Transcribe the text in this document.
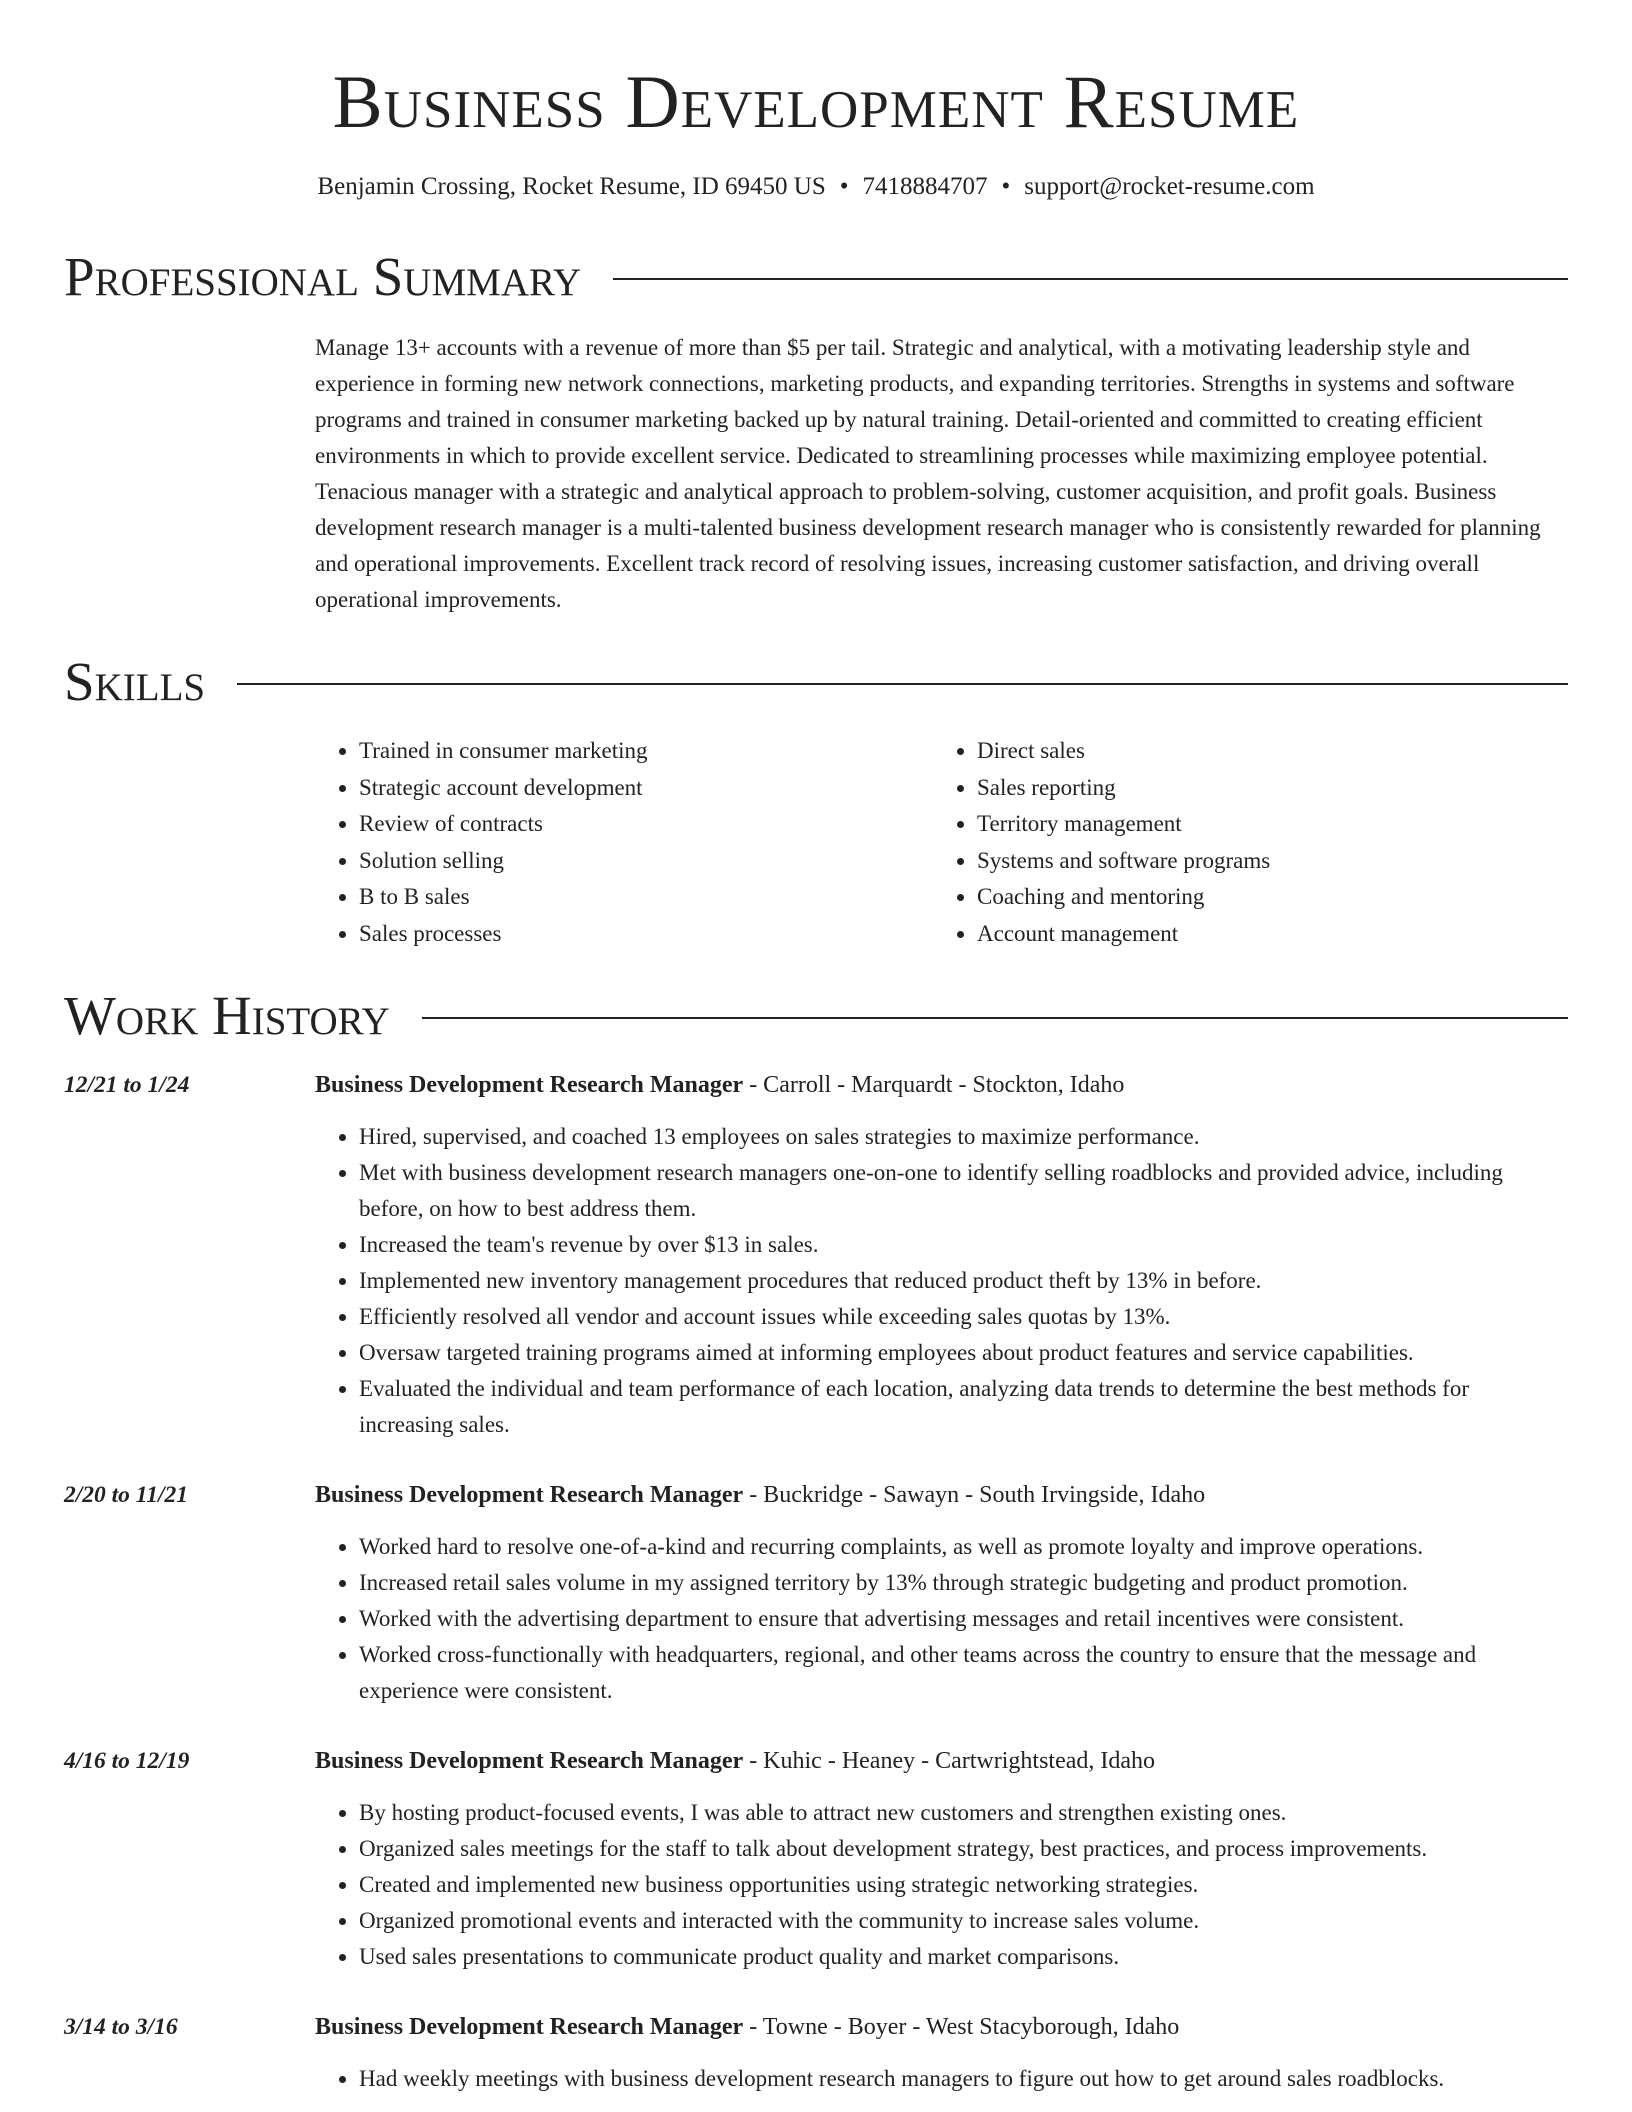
Business Development Resume
Benjamin Crossing, Rocket Resume, ID 69450 US • 7418884707 • support@rocket-resume.com
Professional Summary
Manage 13+ accounts with a revenue of more than $5 per tail. Strategic and analytical, with a motivating leadership style and experience in forming new network connections, marketing products, and expanding territories. Strengths in systems and software programs and trained in consumer marketing backed up by natural training. Detail-oriented and committed to creating efficient environments in which to provide excellent service. Dedicated to streamlining processes while maximizing employee potential. Tenacious manager with a strategic and analytical approach to problem-solving, customer acquisition, and profit goals. Business development research manager is a multi-talented business development research manager who is consistently rewarded for planning and operational improvements. Excellent track record of resolving issues, increasing customer satisfaction, and driving overall operational improvements.
Skills
• Trained in consumer marketing
• Strategic account development
• Review of contracts
• Solution selling
• B to B sales
• Sales processes
• Direct sales
• Sales reporting
• Territory management
• Systems and software programs
• Coaching and mentoring
• Account management
Work History
12/21 to 1/24	Business Development Research Manager - Carroll - Marquardt - Stockton, Idaho
• Hired, supervised, and coached 13 employees on sales strategies to maximize performance.
• Met with business development research managers one-on-one to identify selling roadblocks and provided advice, including before, on how to best address them.
• Increased the team's revenue by over $13 in sales.
• Implemented new inventory management procedures that reduced product theft by 13% in before.
• Efficiently resolved all vendor and account issues while exceeding sales quotas by 13%.
• Oversaw targeted training programs aimed at informing employees about product features and service capabilities.
• Evaluated the individual and team performance of each location, analyzing data trends to determine the best methods for increasing sales.
2/20 to 11/21	Business Development Research Manager - Buckridge - Sawayn - South Irvingside, Idaho
• Worked hard to resolve one-of-a-kind and recurring complaints, as well as promote loyalty and improve operations.
• Increased retail sales volume in my assigned territory by 13% through strategic budgeting and product promotion.
• Worked with the advertising department to ensure that advertising messages and retail incentives were consistent.
• Worked cross-functionally with headquarters, regional, and other teams across the country to ensure that the message and experience were consistent.
4/16 to 12/19	Business Development Research Manager - Kuhic - Heaney - Cartwrightstead, Idaho
• By hosting product-focused events, I was able to attract new customers and strengthen existing ones.
• Organized sales meetings for the staff to talk about development strategy, best practices, and process improvements.
• Created and implemented new business opportunities using strategic networking strategies.
• Organized promotional events and interacted with the community to increase sales volume.
• Used sales presentations to communicate product quality and market comparisons.
3/14 to 3/16	Business Development Research Manager - Towne - Boyer - West Stacyborough, Idaho
• Had weekly meetings with business development research managers to figure out how to get around sales roadblocks.
